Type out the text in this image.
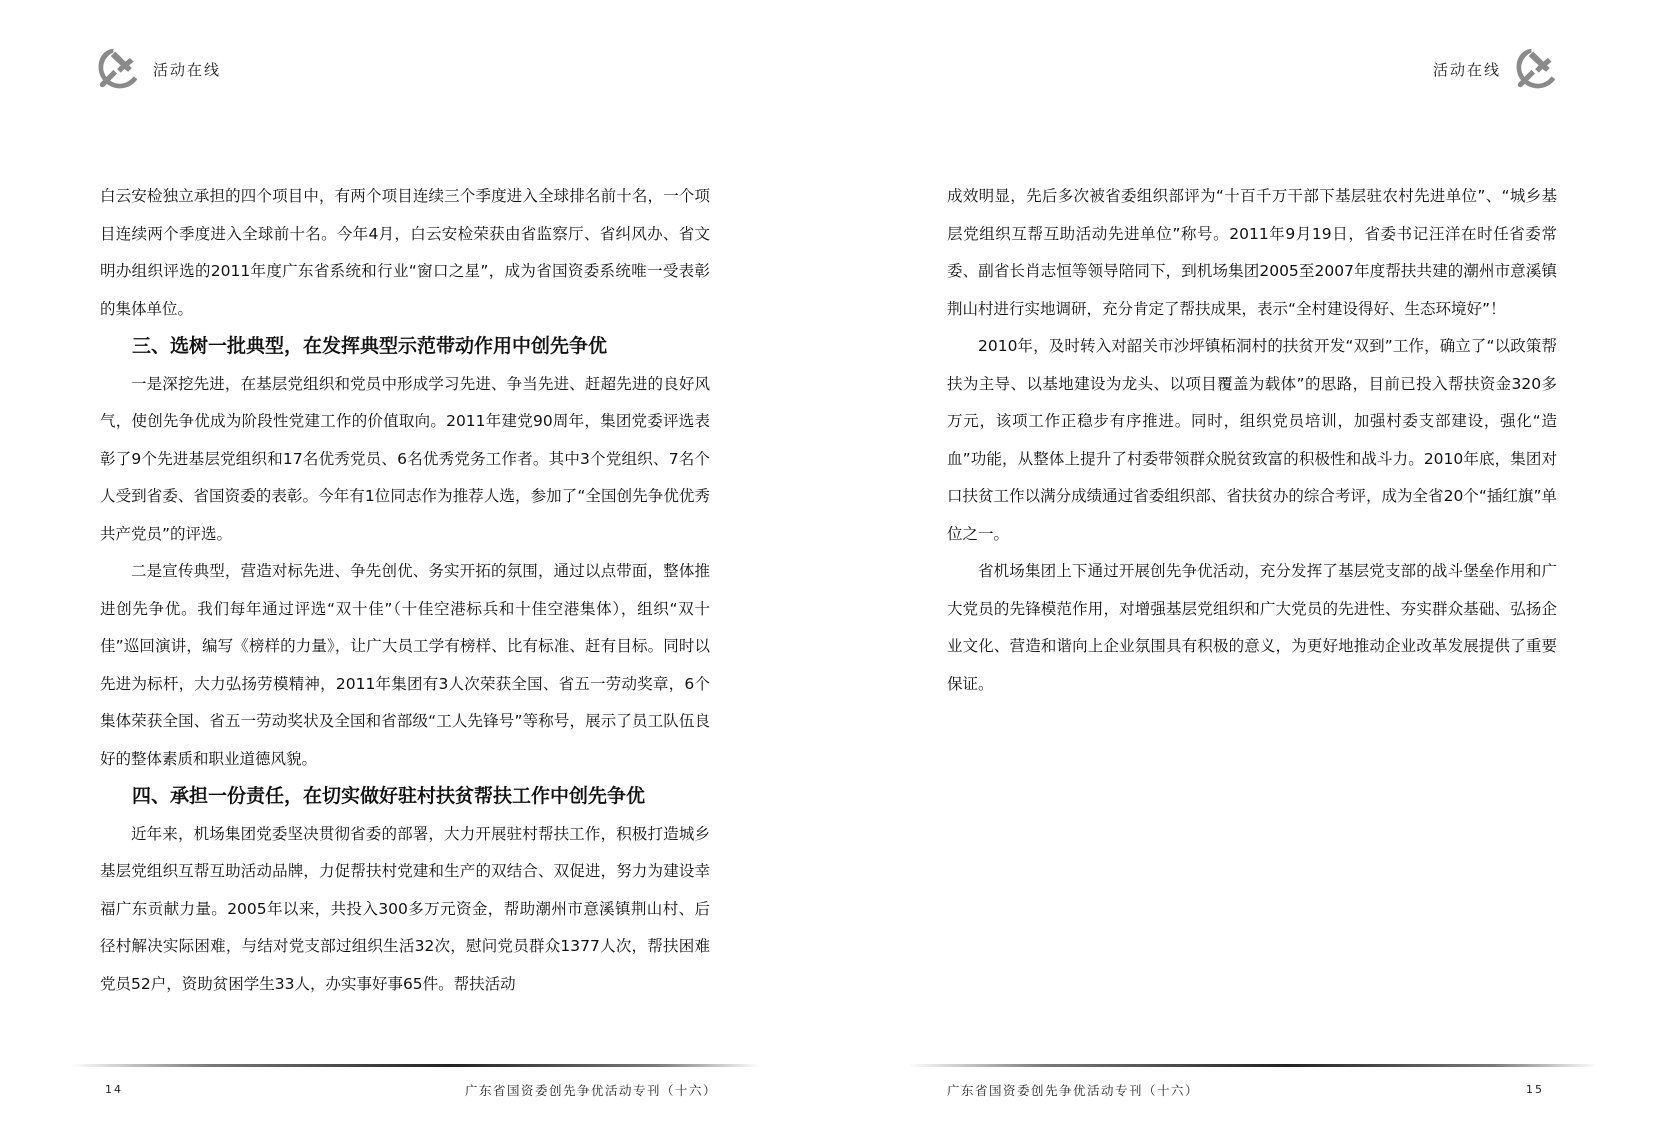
活动在线

白云安检独立承担的四个项目中，有两个项目连续三个季度进入全球排名前十名，一个项目连续两个季度进入全球前十名。今年4月，白云安检荣获由省监察厅、省纠风办、省文明办组织评选的2011年度广东省系统和行业“窗口之星”，成为省国资委系统唯一受表彰的集体单位。

三、选树一批典型，在发挥典型示范带动作用中创先争优

一是深挖先进，在基层党组织和党员中形成学习先进、争当先进、赶超先进的良好风气，使创先争优成为阶段性党建工作的价值取向。2011年建党90周年，集团党委评选表彰了9个先进基层党组织和17名优秀党员、6名优秀党务工作者。其中3个党组织、7名个人受到省委、省国资委的表彰。今年有1位同志作为推荐人选，参加了“全国创先争优优秀共产党员”的评选。

二是宣传典型，营造对标先进、争先创优、务实开拓的氛围，通过以点带面，整体推进创先争优。我们每年通过评选“双十佳”（十佳空港标兵和十佳空港集体），组织“双十佳”巡回演讲，编写《榜样的力量》，让广大员工学有榜样、比有标准、赶有目标。同时以先进为标杆，大力弘扬劳模精神，2011年集团有3人次荣获全国、省五一劳动奖章，6个集体荣获全国、省五一劳动奖状及全国和省部级“工人先锋号”等称号，展示了员工队伍良好的整体素质和职业道德风貌。

四、承担一份责任，在切实做好驻村扶贫帮扶工作中创先争优

近年来，机场集团党委坚决贯彻省委的部署，大力开展驻村帮扶工作，积极打造城乡基层党组织互帮互助活动品牌，力促帮扶村党建和生产的双结合、双促进，努力为建设幸福广东贡献力量。2005年以来，共投入300多万元资金，帮助潮州市意溪镇荆山村、后径村解决实际困难，与结对党支部过组织生活32次，慰问党员群众1377人次，帮扶困难党员52户，资助贫困学生33人，办实事好事65件。帮扶活动

14	广东省国资委创先争优活动专刊（十六）
活动在线

成效明显，先后多次被省委组织部评为“十百千万干部下基层驻农村先进单位”、“城乡基层党组织互帮互助活动先进单位”称号。2011年9月19日，省委书记汪洋在时任省委常委、副省长肖志恒等领导陪同下，到机场集团2005至2007年度帮扶共建的潮州市意溪镇荆山村进行实地调研，充分肯定了帮扶成果，表示“全村建设得好、生态环境好”！

2010年，及时转入对韶关市沙坪镇柘洞村的扶贫开发“双到”工作，确立了“以政策帮扶为主导、以基地建设为龙头、以项目覆盖为载体”的思路，目前已投入帮扶资金320多万元，该项工作正稳步有序推进。同时，组织党员培训，加强村委支部建设，强化“造血”功能，从整体上提升了村委带领群众脱贫致富的积极性和战斗力。2010年底，集团对口扶贫工作以满分成绩通过省委组织部、省扶贫办的综合考评，成为全省20个“插红旗”单位之一。

省机场集团上下通过开展创先争优活动，充分发挥了基层党支部的战斗堡垒作用和广大党员的先锋模范作用，对增强基层党组织和广大党员的先进性、夯实群众基础、弘扬企业文化、营造和谐向上企业氛围具有积极的意义，为更好地推动企业改革发展提供了重要保证。

广东省国资委创先争优活动专刊（十六）	15
